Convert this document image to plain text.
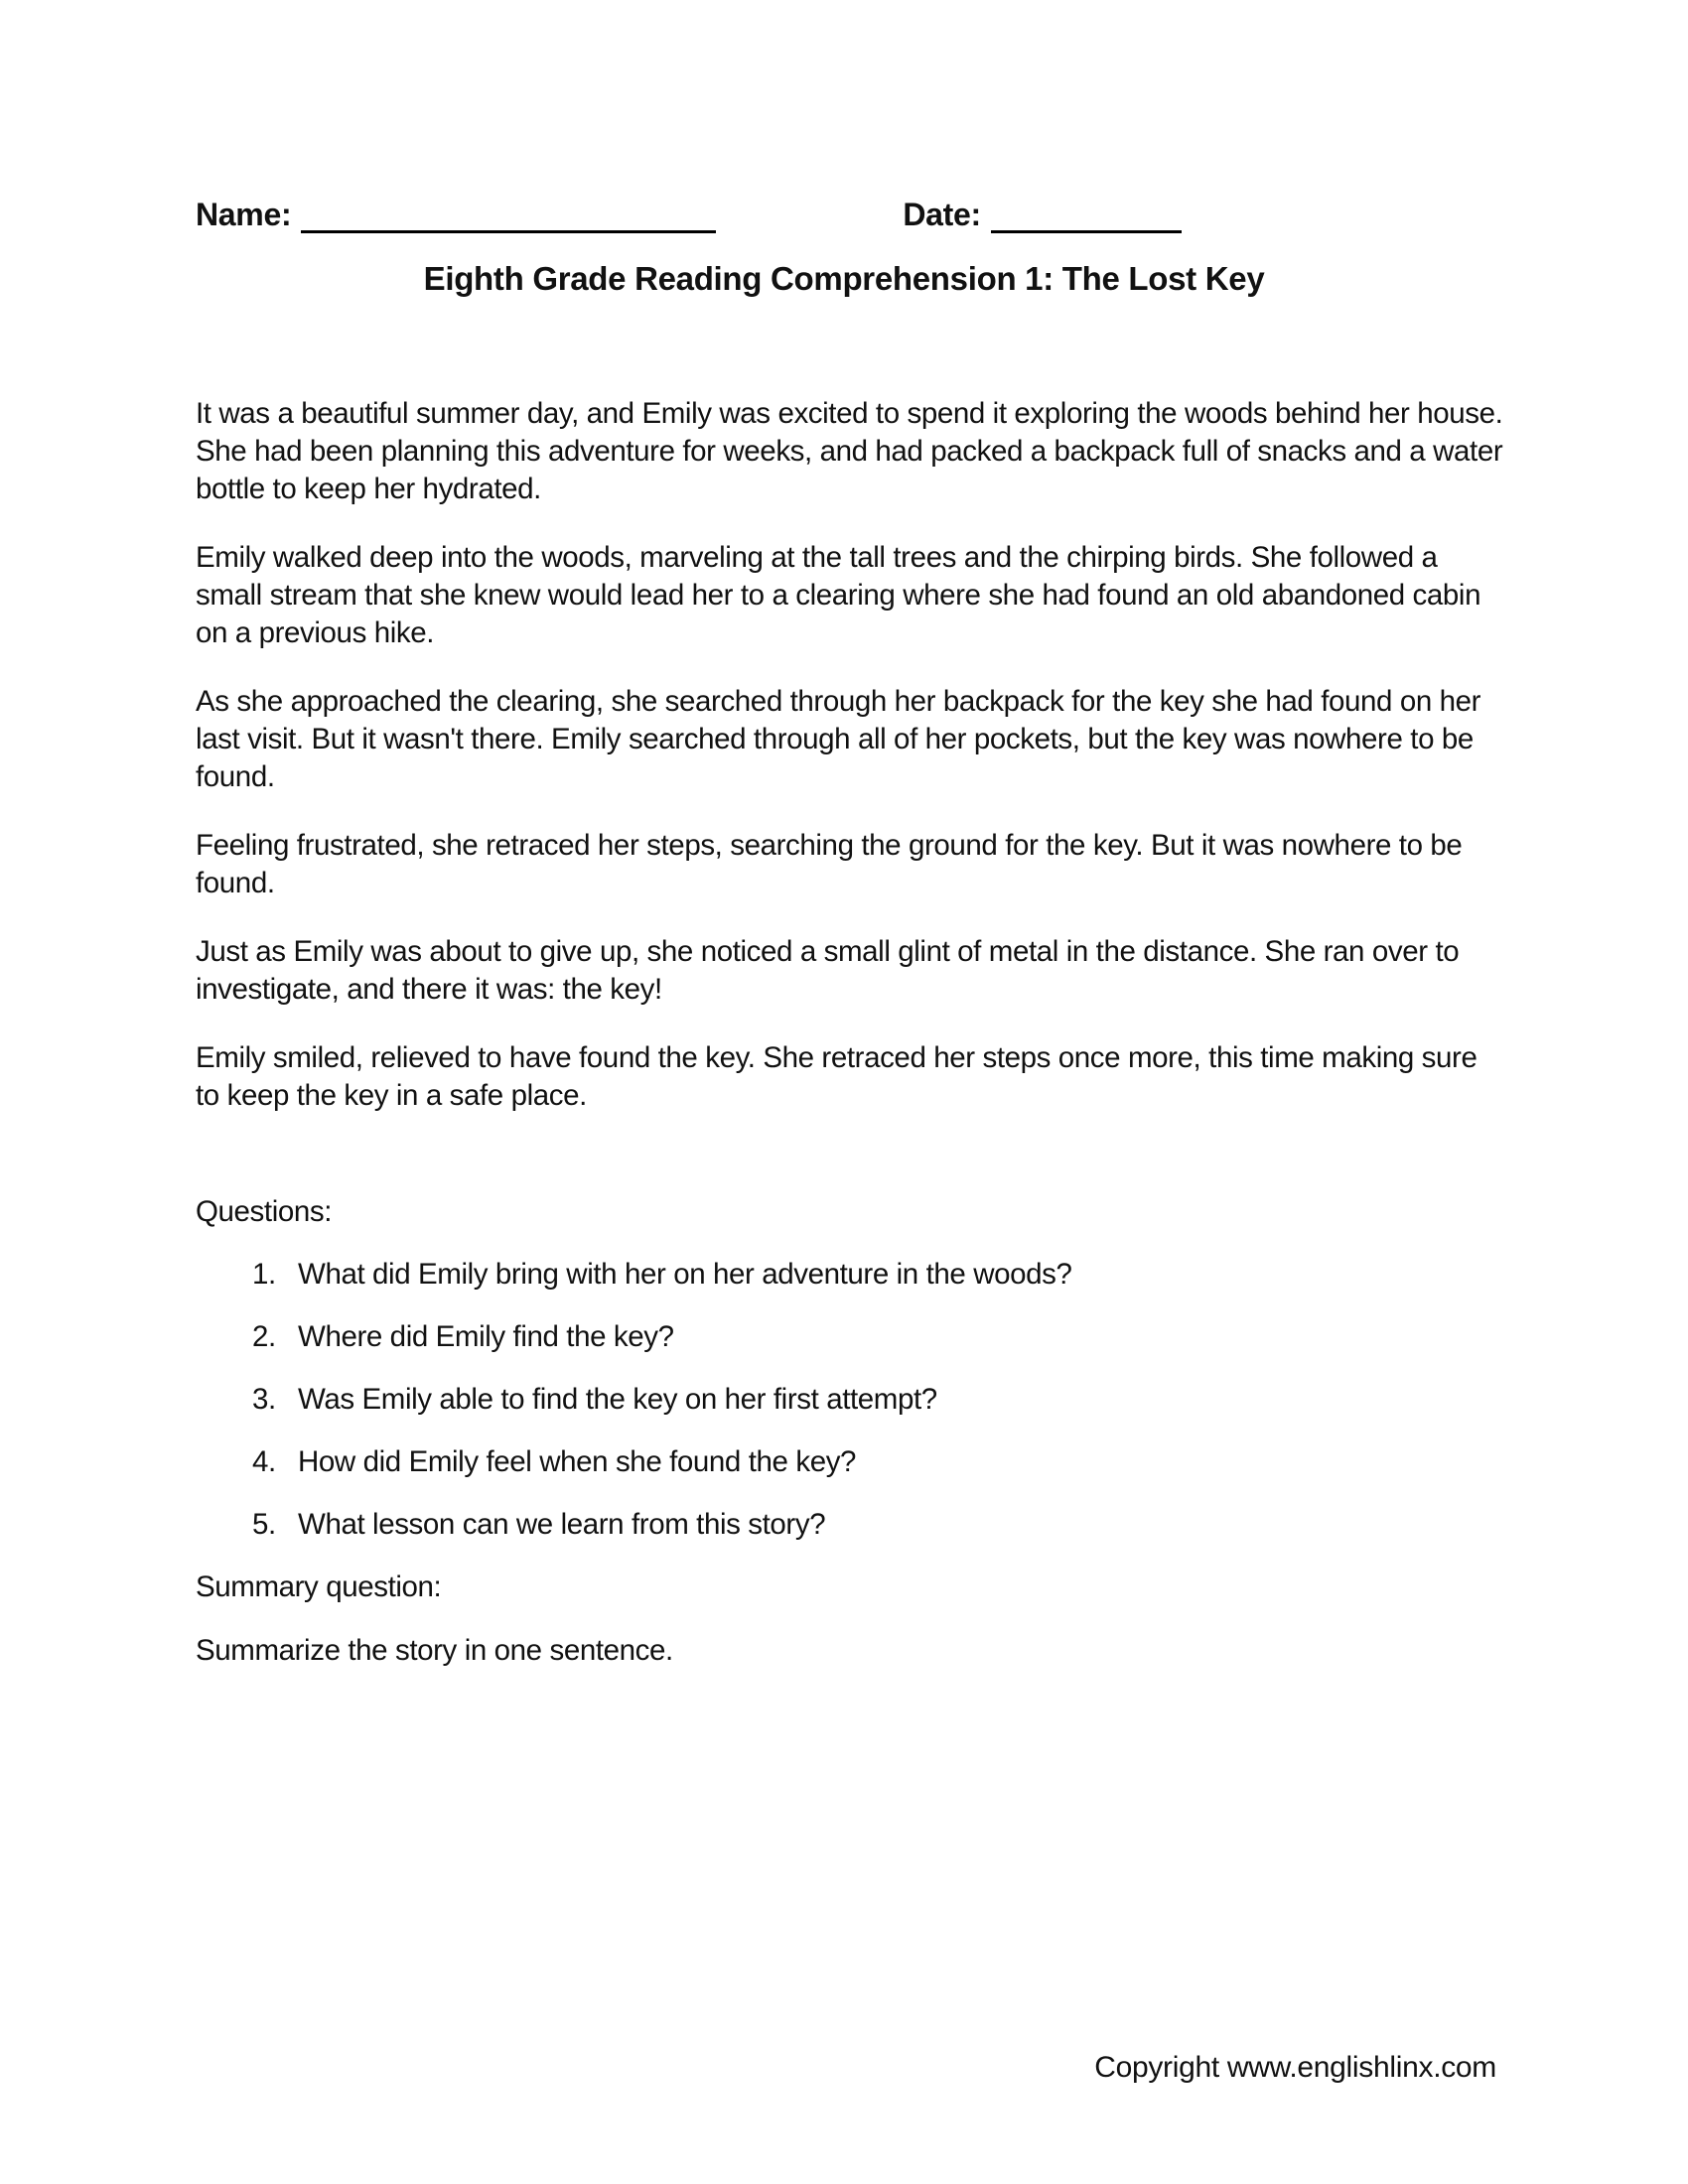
Name:	Date:
Eighth Grade Reading Comprehension 1: The Lost Key

It was a beautiful summer day, and Emily was excited to spend it exploring the woods behind her house. She had been planning this adventure for weeks, and had packed a backpack full of snacks and a water bottle to keep her hydrated.

Emily walked deep into the woods, marveling at the tall trees and the chirping birds. She followed a small stream that she knew would lead her to a clearing where she had found an old abandoned cabin on a previous hike.

As she approached the clearing, she searched through her backpack for the key she had found on her last visit. But it wasn't there. Emily searched through all of her pockets, but the key was nowhere to be found.

Feeling frustrated, she retraced her steps, searching the ground for the key. But it was nowhere to be found.

Just as Emily was about to give up, she noticed a small glint of metal in the distance. She ran over to investigate, and there it was: the key!

Emily smiled, relieved to have found the key. She retraced her steps once more, this time making sure to keep the key in a safe place.

Questions:

1. What did Emily bring with her on her adventure in the woods?
2. Where did Emily find the key?
3. Was Emily able to find the key on her first attempt?
4. How did Emily feel when she found the key?
5. What lesson can we learn from this story?

Summary question:

Summarize the story in one sentence.

Copyright www.englishlinx.com
